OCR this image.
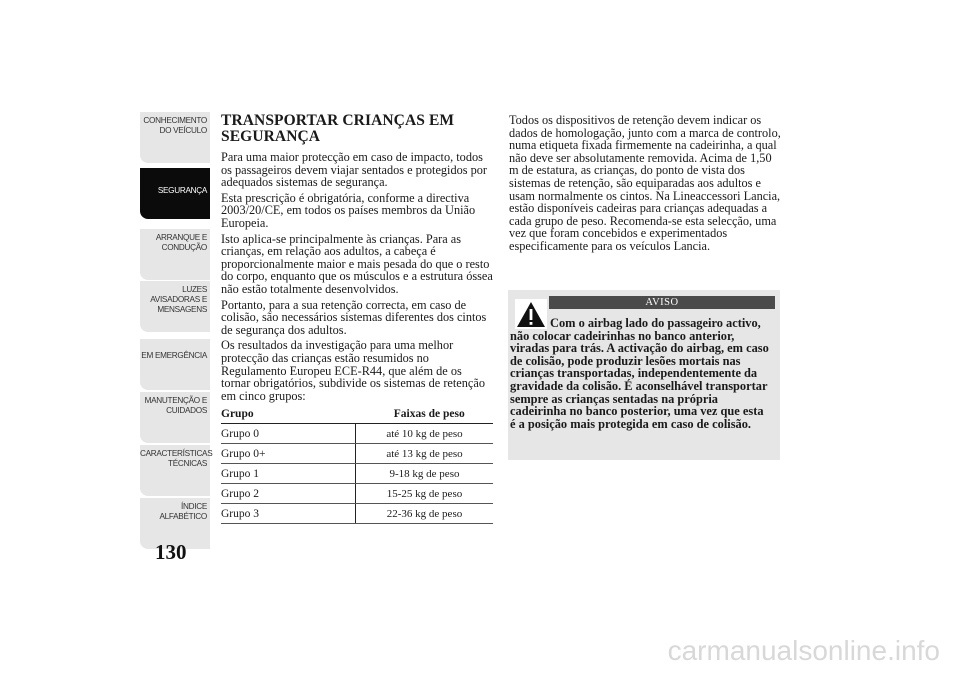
CONHECIMENTO
DO VEÍCULO
SEGURANÇA
ARRANQUE E
CONDUÇÃO
LUZES
AVISADORAS E
MENSAGENS
EM EMERGÊNCIA
MANUTENÇÃO E
CUIDADOS
CARACTERÍSTICAS
TÉCNICAS
ÍNDICE
ALFABÉTICO
130
TRANSPORTAR CRIANÇAS EM SEGURANÇA

Para uma maior protecção em caso de impacto, todos os passageiros devem viajar sentados e protegidos por adequados sistemas de segurança.

Esta prescrição é obrigatória, conforme a directiva 2003/20/CE, em todos os países membros da União Europeia.

Isto aplica-se principalmente às crianças. Para as crianças, em relação aos adultos, a cabeça é proporcionalmente maior e mais pesada do que o resto do corpo, enquanto que os músculos e a estrutura óssea não estão totalmente desenvolvidos.

Portanto, para a sua retenção correcta, em caso de colisão, são necessários sistemas diferentes dos cintos de segurança dos adultos.

Os resultados da investigação para uma melhor protecção das crianças estão resumidos no Regulamento Europeu ECE-R44, que além de os tornar obrigatórios, subdivide os sistemas de retenção em cinco grupos:

Grupo	Faixas de peso
Grupo 0	até 10 kg de peso
Grupo 0+	até 13 kg de peso
Grupo 1	9-18 kg de peso
Grupo 2	15-25 kg de peso
Grupo 3	22-36 kg de peso

Todos os dispositivos de retenção devem indicar os dados de homologação, junto com a marca de controlo, numa etiqueta fixada firmemente na cadeirinha, a qual não deve ser absolutamente removida. Acima de 1,50 m de estatura, as crianças, do ponto de vista dos sistemas de retenção, são equiparadas aos adultos e usam normalmente os cintos. Na Lineaccessori Lancia, estão disponíveis cadeiras para crianças adequadas a cada grupo de peso. Recomenda-se esta selecção, uma vez que foram concebidos e experimentados especificamente para os veículos Lancia.

AVISO
Com o airbag lado do passageiro activo, não colocar cadeirinhas no banco anterior, viradas para trás. A activação do airbag, em caso de colisão, pode produzir lesões mortais nas crianças transportadas, independentemente da gravidade da colisão. É aconselhável transportar sempre as crianças sentadas na própria cadeirinha no banco posterior, uma vez que esta é a posição mais protegida em caso de colisão.
carmanualsonline.info
